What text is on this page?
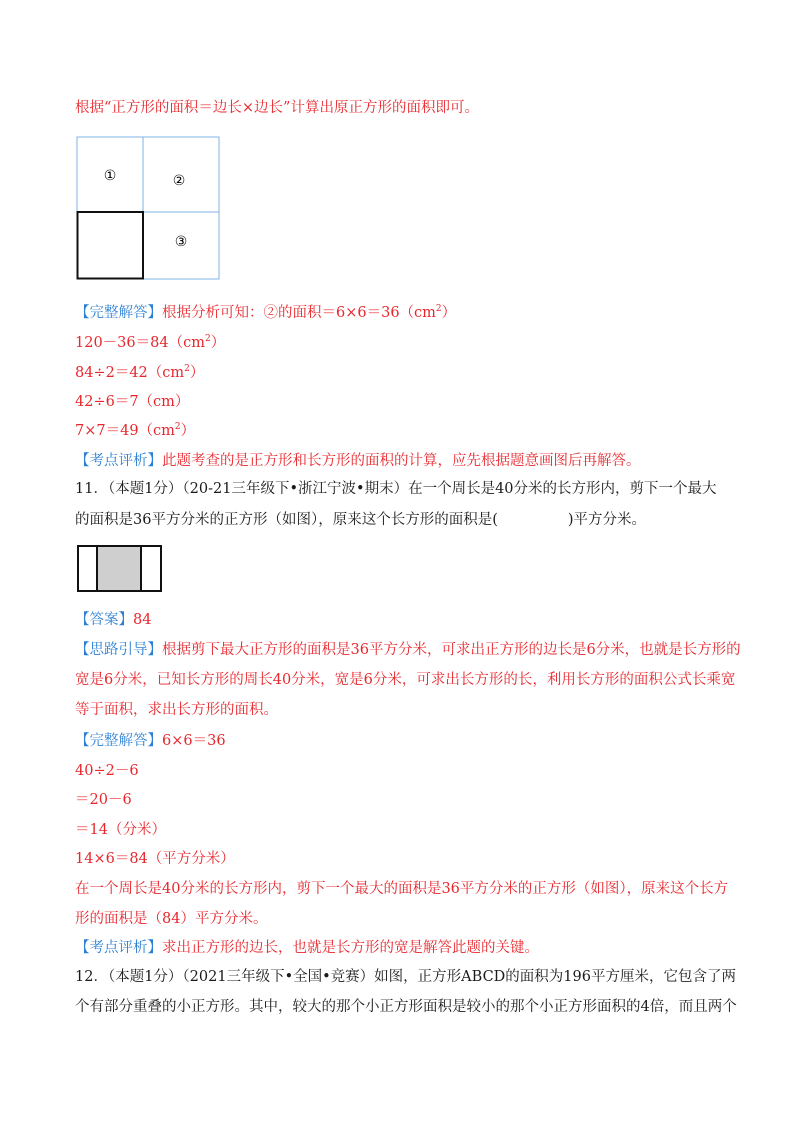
根据“正方形的面积＝边长×边长”计算出原正方形的面积即可。
①	②
③
【完整解答】根据分析可知：②的面积$=6\times 6=36(cm^2)$
$120-36=84(cm^2)$
$84\div 2=42(cm^2)$
42÷6＝7（cm）
$7\times 7=49(cm^2)$
【考点评析】此题考查的是正方形和长方形的面积的计算，应先根据题意画图后再解答。
11．（本题1分）（20-21三年级下•浙江宁波•期末）在一个周长是40分米的长方形内，剪下一个最大
的面积是36平方分米的正方形（如图），原来这个长方形的面积是(	)平方分米。
【答案】84
【思路引导】根据剪下最大正方形的面积是36平方分米，可求出正方形的边长是6分米，也就是长方形的
宽是6分米，已知长方形的周长40分米，宽是6分米，可求出长方形的长，利用长方形的面积公式长乘宽
等于面积，求出长方形的面积。
【完整解答】6×6＝36
40÷2－6
＝20－6
＝14（分米）
14×6＝84（平方分米）
在一个周长是40分米的长方形内，剪下一个最大的面积是36平方分米的正方形（如图），原来这个长方
形的面积是（84）平方分米。
【考点评析】求出正方形的边长，也就是长方形的宽是解答此题的关键。
12．（本题1分）（2021三年级下•全国•竞赛）如图，正方形ABCD的面积为196平方厘米，它包含了两
个有部分重叠的小正方形。其中，较大的那个小正方形面积是较小的那个小正方形面积的4倍，而且两个
